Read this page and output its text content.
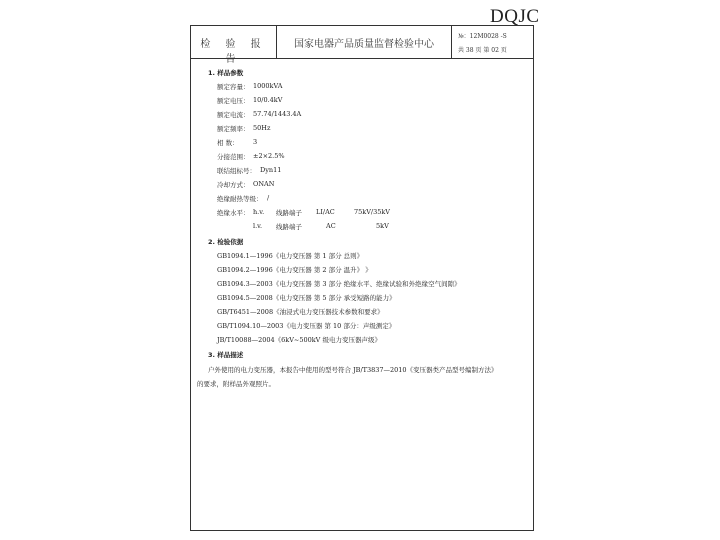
DQJC
检 验 报 告
国家电器产品质量监督检验中心
№：12M0028 -S
共 38 页 第 02 页
1. 样品参数
额定容量： 1000kVA
额定电压： 10/0.4kV
额定电流： 57.74/1443.4A
额定频率： 50Hz
相 数： 3
分接范围： ±2×2.5%
联结组标号： Dyn11
冷却方式： ONAN
绝缘耐热等级： /
绝缘水平： h.v. 线路端子 LI/AC	75kV/35kV
l.v. 线路端子	AC	5kV
2. 检验依据
GB1094.1—1996《电力变压器 第 1 部分 总则》
GB1094.2—1996《电力变压器 第 2 部分 温升》 》
GB1094.3—2003《电力变压器 第 3 部分 绝缘水平、绝缘试验和外绝缘空气间隙》
GB1094.5—2008《电力变压器 第 5 部分 承受短路的能力》
GB/T6451—2008《油浸式电力变压器技术参数和要求》
GB/T1094.10—2003《电力变压器 第 10 部分：声级测定》
JB/T10088—2004《6kV~500kV 级电力变压器声级》
3. 样品描述
户外使用的电力变压器，本报告中使用的型号符合 JB/T3837—2010《变压器类产品型号编制方法》
的要求，附样品外观照片。
